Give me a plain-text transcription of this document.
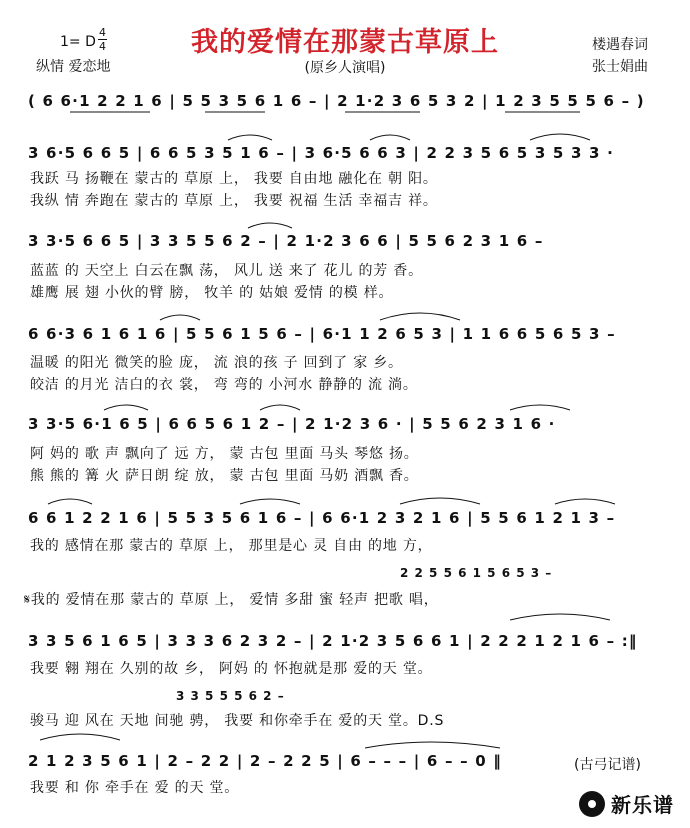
我的爱情在那蒙古草原上
(原乡人演唱)
1= D
4
4
纵情 爱恋地
楼遇春词
张士娟曲
( 6 6·1 2 2 1 6 | 5 5 3 5 6 1 6 – | 2 1·2 3 6 5 3 2 | 1 2 3 5 5 5 6 – )
3 6·5 6 6 5 | 6 6 5 3 5 1 6 – | 3 6·5 6 6 3 | 2 2 3 5 6 5 3 5 3 3 ·
我跃 马 扬鞭在 蒙古的 草原 上， 我要 自由地 融化在 朝 阳。
我纵 情 奔跑在 蒙古的 草原 上， 我要 祝福 生活 幸福吉 祥。
3 3·5 6 6 5 | 3 3 5 5 6 2 – | 2 1·2 3 6 6 | 5 5 6 2 3 1 6 –
蓝蓝 的 天空上 白云在飘 荡， 风儿 送 来了 花儿 的芳 香。
雄鹰 展 翅 小伙的臂 膀， 牧羊 的 姑娘 爱情 的模 样。
6 6·3 6 1 6 1 6 | 5 5 6 1 5 6 – | 6·1 1 2 6 5 3 | 1 1 6 6 5 6 5 3 –
温暖 的阳光 微笑的脸 庞， 流 浪的孩 子 回到了 家 乡。
皎洁 的月光 洁白的衣 裳， 弯 弯的 小河水 静静的 流 淌。
3 3·5 6·1 6 5 | 6 6 5 6 1 2 – | 2 1·2 3 6 · | 5 5 6 2 3 1 6 ·
阿 妈的 歌 声 飘向了 远 方， 蒙 古包 里面 马头 琴悠 扬。
熊 熊的 篝 火 萨日朗 绽 放， 蒙 古包 里面 马奶 酒飘 香。
6 6 1 2 2 1 6 | 5 5 3 5 6 1 6 – | 6 6·1 2 3 2 1 6 | 5 5 6 1 2 1 3 –
我的 感情在那 蒙古的 草原 上， 那里是心 灵 自由 的地 方，
2 2 5 5 6 1 5 6 5 3 –
𝄋我的 爱情在那 蒙古的 草原 上， 爱情 多甜 蜜 轻声 把歌 唱，
3 3 5 6 1 6 5 | 3 3 3 6 2 3 2 – | 2 1·2 3 5 6 6 1 | 2 2 2 1 2 1 6 – :‖
我要 翱 翔在 久别的故 乡， 阿妈 的 怀抱就是那 爱的天 堂。
3 3 5 5 5 6 2 –
骏马 迎 风在 天地 间驰 骋， 我要 和你牵手在 爱的天 堂。D.S
2 1 2 3 5 6 1 | 2 – 2 2 | 2 – 2 2 5 | 6 – – – | 6 – – 0 ‖
我要 和 你 牵手在 爱 的天 堂。
(古弓记谱)
新乐谱
